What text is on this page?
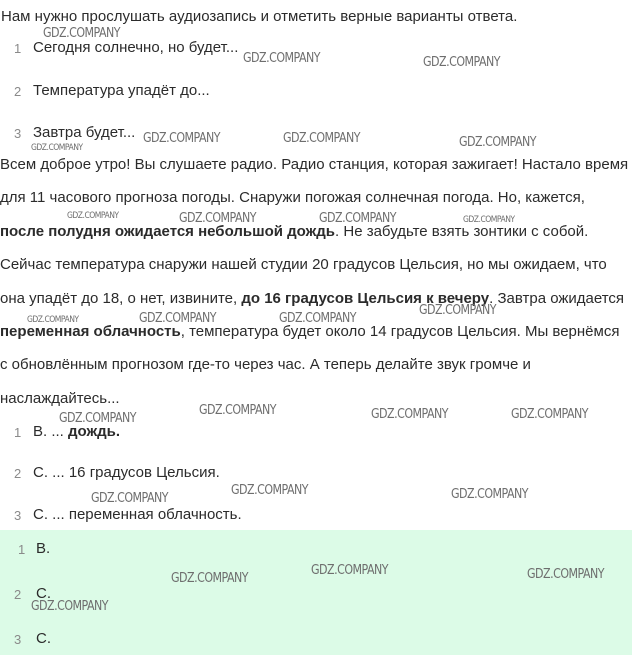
Нам нужно прослушать аудиозапись и отметить верные варианты ответа.
1 Сегодня солнечно, но будет...
2 Температура упадёт до...
3 Завтра будет...
Всем доброе утро! Вы слушаете радио. Радио станция, которая зажигает! Настало время для 11 часового прогноза погоды. Снаружи погожая солнечная погода. Но, кажется, после полудня ожидается небольшой дождь. Не забудьте взять зонтики с собой. Сейчас температура снаружи нашей студии 20 градусов Цельсия, но мы ожидаем, что она упадёт до 18, о нет, извините, до 16 градусов Цельсия к вечеру. Завтра ожидается переменная облачность, температура будет около 14 градусов Цельсия. Мы вернёмся с обновлённым прогнозом где-то через час. А теперь делайте звук громче и наслаждайтесь...
1 B. ... дождь.
2 C. ... 16 градусов Цельсия.
3 C. ... переменная облачность.
1 B.
2 C.
3 C.
GDZ.COMPANY
GDZ.COMPANY	GDZ.COMPANY
GDZ.COMPANY
GDZ.COMPANY	GDZ.COMPANY	GDZ.COMPANY
GDZ.COMPANY	GDZ.COMPANY	GDZ.COMPANY	GDZ.COMPANY
GDZ.COMPANY	GDZ.COMPANY	GDZ.COMPANY
GDZ.COMPANY
GDZ.COMPANY
GDZ.COMPANY	GDZ.COMPANY	GDZ.COMPANY
GDZ.COMPANY
GDZ.COMPANY	GDZ.COMPANY
GDZ.COMPANY
GDZ.COMPANY	GDZ.COMPANY
GDZ.COMPANY
